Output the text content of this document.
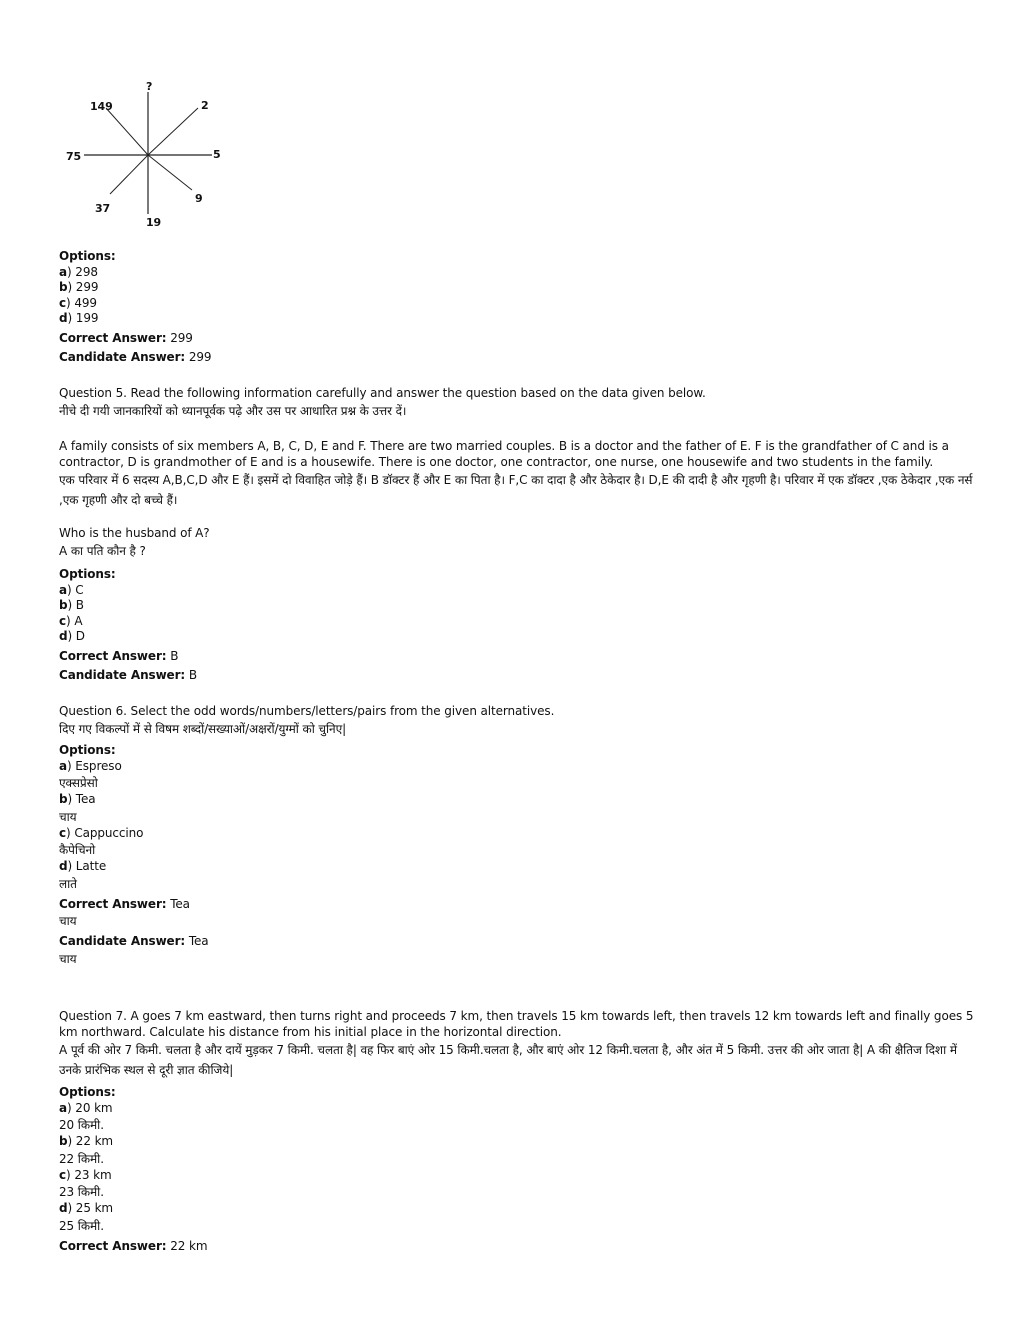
?
2
5
9
19
37
75
149
Options:
a) 298
b) 299
c) 499
d) 199
Correct Answer: 299
Candidate Answer: 299
Question 5. Read the following information carefully and answer the question based on the data given below.
नीचे दी गयी जानकारियों को ध्यानपूर्वक पढ़े और उस पर आधारित प्रश्न के उत्तर दें।
A family consists of six members A, B, C, D, E and F. There are two married couples. B is a doctor and the father of E. F is the grandfather of C and is a contractor, D is grandmother of E and is a housewife. There is one doctor, one contractor, one nurse, one housewife and two students in the family.
एक परिवार में 6 सदस्य A,B,C,D और E हैं। इसमें दो विवाहित जोड़े हैं। B डॉक्टर हैं और E का पिता है। F,C का दादा है और ठेकेदार है। D,E की दादी है और गृहणी है। परिवार में एक डॉक्टर ,एक ठेकेदार ,एक नर्स ,एक गृहणी और दो बच्चे हैं।
Who is the husband of A?
A का पति कौन है ?
Options:
a) C
b) B
c) A
d) D
Correct Answer: B
Candidate Answer: B
Question 6. Select the odd words/numbers/letters/pairs from the given alternatives.
दिए गए विकल्पों में से विषम शब्दों/सख्याओं/अक्षरों/युग्मों को चुनिए|
Options:
a) Espreso
एक्सप्रेसो
b) Tea
चाय
c) Cappuccino
कैपेचिनो
d) Latte
लाते
Correct Answer: Tea
चाय
Candidate Answer: Tea
चाय
Question 7. A goes 7 km eastward, then turns right and proceeds 7 km, then travels 15 km towards left, then travels 12 km towards left and finally goes 5 km northward. Calculate his distance from his initial place in the horizontal direction.
A पूर्व की ओर 7 किमी. चलता है और दायें मुड़कर 7 किमी. चलता है| वह फिर बाएं ओर 15 किमी.चलता है, और बाएं ओर 12 किमी.चलता है, और अंत में 5 किमी. उत्तर की ओर जाता है| A की क्षैतिज दिशा में उनके प्रारंभिक स्थल से दूरी ज्ञात कीजिये|
Options:
a) 20 km
20 किमी.
b) 22 km
22 किमी.
c) 23 km
23 किमी.
d) 25 km
25 किमी.
Correct Answer: 22 km
